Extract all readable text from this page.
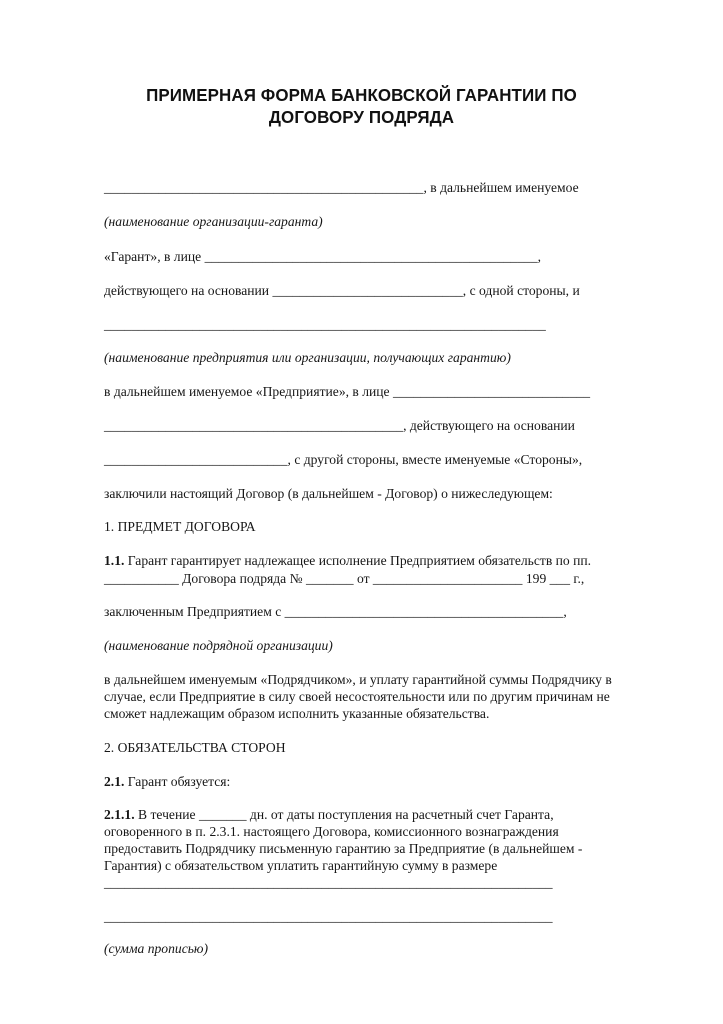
ПРИМЕРНАЯ ФОРМА БАНКОВСКОЙ ГАРАНТИИ ПО
ДОГОВОРУ ПОДРЯДА
_______________________________________________, в дальнейшем именуемое
(наименование организации-гаранта)
«Гарант», в лице _________________________________________________,
действующего на основании ____________________________, с одной стороны, и
_________________________________________________________________
(наименование предприятия или организации, получающих гарантию)
в дальнейшем именуемое «Предприятие», в лице _____________________________
____________________________________________, действующего на основании
___________________________, с другой стороны, вместе именуемые «Стороны»,
заключили настоящий Договор (в дальнейшем - Договор) о нижеследующем:
1. ПРЕДМЕТ ДОГОВОРА
1.1. Гарант гарантирует надлежащее исполнение Предприятием обязательств по пп.
___________ Договора подряда № _______ от ______________________ 199 ___ г.,
заключенным Предприятием с _________________________________________,
(наименование подрядной организации)
в дальнейшем именуемым «Подрядчиком», и уплату гарантийной суммы Подрядчику в
случае, если Предприятие в силу своей несостоятельности или по другим причинам не
сможет надлежащим образом исполнить указанные обязательства.
2. ОБЯЗАТЕЛЬСТВА СТОРОН
2.1. Гарант обязуется:
2.1.1. В течение _______ дн. от даты поступления на расчетный счет Гаранта,
оговоренного в п. 2.3.1. настоящего Договора, комиссионного вознаграждения
предоставить Подрядчику письменную гарантию за Предприятие (в дальнейшем -
Гарантия) с обязательством уплатить гарантийную сумму в размере
__________________________________________________________________
__________________________________________________________________
(сумма прописью)
